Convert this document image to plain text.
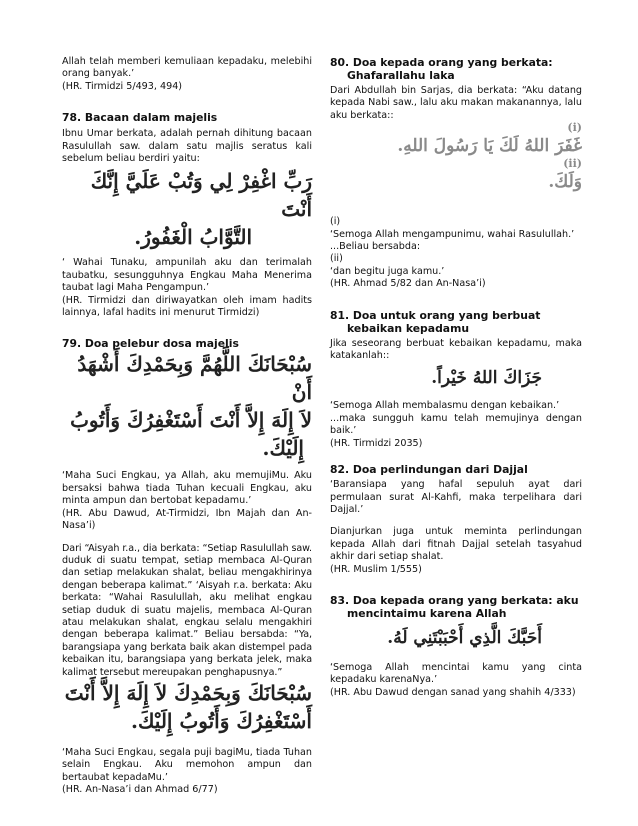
Allah telah memberi kemuliaan kepadaku, melebihi orang banyak.’

(HR. Tirmidzi 5/493, 494)

78. Bacaan dalam majelis

Ibnu Umar berkata, adalah pernah dihitung bacaan Rasulullah saw. dalam satu majlis seratus kali sebelum beliau berdiri yaitu:

رَبِّ اغْفِرْ لِي وَتُبْ عَلَيَّ إِنَّكَ أَنْتَ
التَّوَّابُ الْغَفُورُ.

‘ Wahai Tunaku, ampunilah aku dan terimalah taubatku, sesungguhnya Engkau Maha Menerima taubat lagi Maha Pengampun.’

(HR. Tirmidzi dan diriwayatkan oleh imam hadits lainnya, lafal hadits ini menurut Tirmidzi)

79. Doa pelebur dosa majelis

سُبْحَانَكَ اللَّهُمَّ وَبِحَمْدِكَ أَشْهَدُ أَنْ
لاَ إِلَهَ إِلاَّ أَنْتَ أَسْتَغْفِرُكَ وَأَتُوبُ
إِلَيْكَ.

‘Maha Suci Engkau, ya Allah, aku memujiMu. Aku bersaksi bahwa tiada Tuhan kecuali Engkau, aku minta ampun dan bertobat kepadamu.’

(HR. Abu Dawud, At-Tirmidzi, Ibn Majah dan An-Nasa’i)

Dari “Aisyah r.a., dia berkata: “Setiap Rasulullah saw. duduk di suatu tempat, setiap membaca Al-Quran dan setiap melakukan shalat, beliau mengakhirinya dengan beberapa kalimat.” ‘Aisyah r.a. berkata: Aku berkata: “Wahai Rasulullah, aku melihat engkau setiap duduk di suatu majelis, membaca Al-Quran atau melakukan shalat, engkau selalu mengakhiri dengan beberapa kalimat.” Beliau bersabda: “Ya, barangsiapa yang berkata baik akan distempel pada kebaikan itu, barangsiapa yang berkata jelek, maka kalimat tersebut mereupakan penghapusnya.”

سُبْحَانَكَ وَبِحَمْدِكَ لاَ إِلَهَ إِلاَّ أَنْتَ
أَسْتَغْفِرُكَ وَأَتُوبُ إِلَيْكَ.

‘Maha Suci Engkau, segala puji bagiMu, tiada Tuhan selain Engkau. Aku memohon ampun dan bertaubat kepadaMu.’

(HR. An-Nasa’i dan Ahmad 6/77)

80. Doa kepada orang yang berkata: Ghafarallahu laka

Dari Abdullah bin Sarjas, dia berkata: “Aku datang kepada Nabi saw., lalu aku makan makanannya, lalu aku berkata::

(i)
غَفَرَ اللهُ لَكَ يَا رَسُولَ اللهِ.
(ii)
وَلَكَ.

(i)

‘Semoga Allah mengampunimu, wahai Rasulullah.’

...Beliau bersabda:

(ii)

‘dan begitu juga kamu.’

(HR. Ahmad 5/82 dan An-Nasa’i)

81. Doa untuk orang yang berbuat kebaikan kepadamu

Jika seseorang berbuat kebaikan kepadamu, maka katakanlah::

جَزَاكَ اللهُ خَيْراً.

‘Semoga Allah membalasmu dengan kebaikan.’

...maka sungguh kamu telah memujinya dengan baik.’

(HR. Tirmidzi 2035)

82. Doa perlindungan dari Dajjal

‘Baransiapa yang hafal sepuluh ayat dari permulaan surat Al-Kahfi, maka terpelihara dari Dajjal.’

Dianjurkan juga untuk meminta perlindungan kepada Allah dari fitnah Dajjal setelah tasyahud akhir dari setiap shalat.

(HR. Muslim 1/555)

83. Doa kepada orang yang berkata: aku mencintaimu karena Allah

أَحَبَّكَ الَّذِي أَحْبَبْتَنِي لَهُ.

‘Semoga Allah mencintai kamu yang cinta kepadaku karenaNya.’

(HR. Abu Dawud dengan sanad yang shahih 4/333)
